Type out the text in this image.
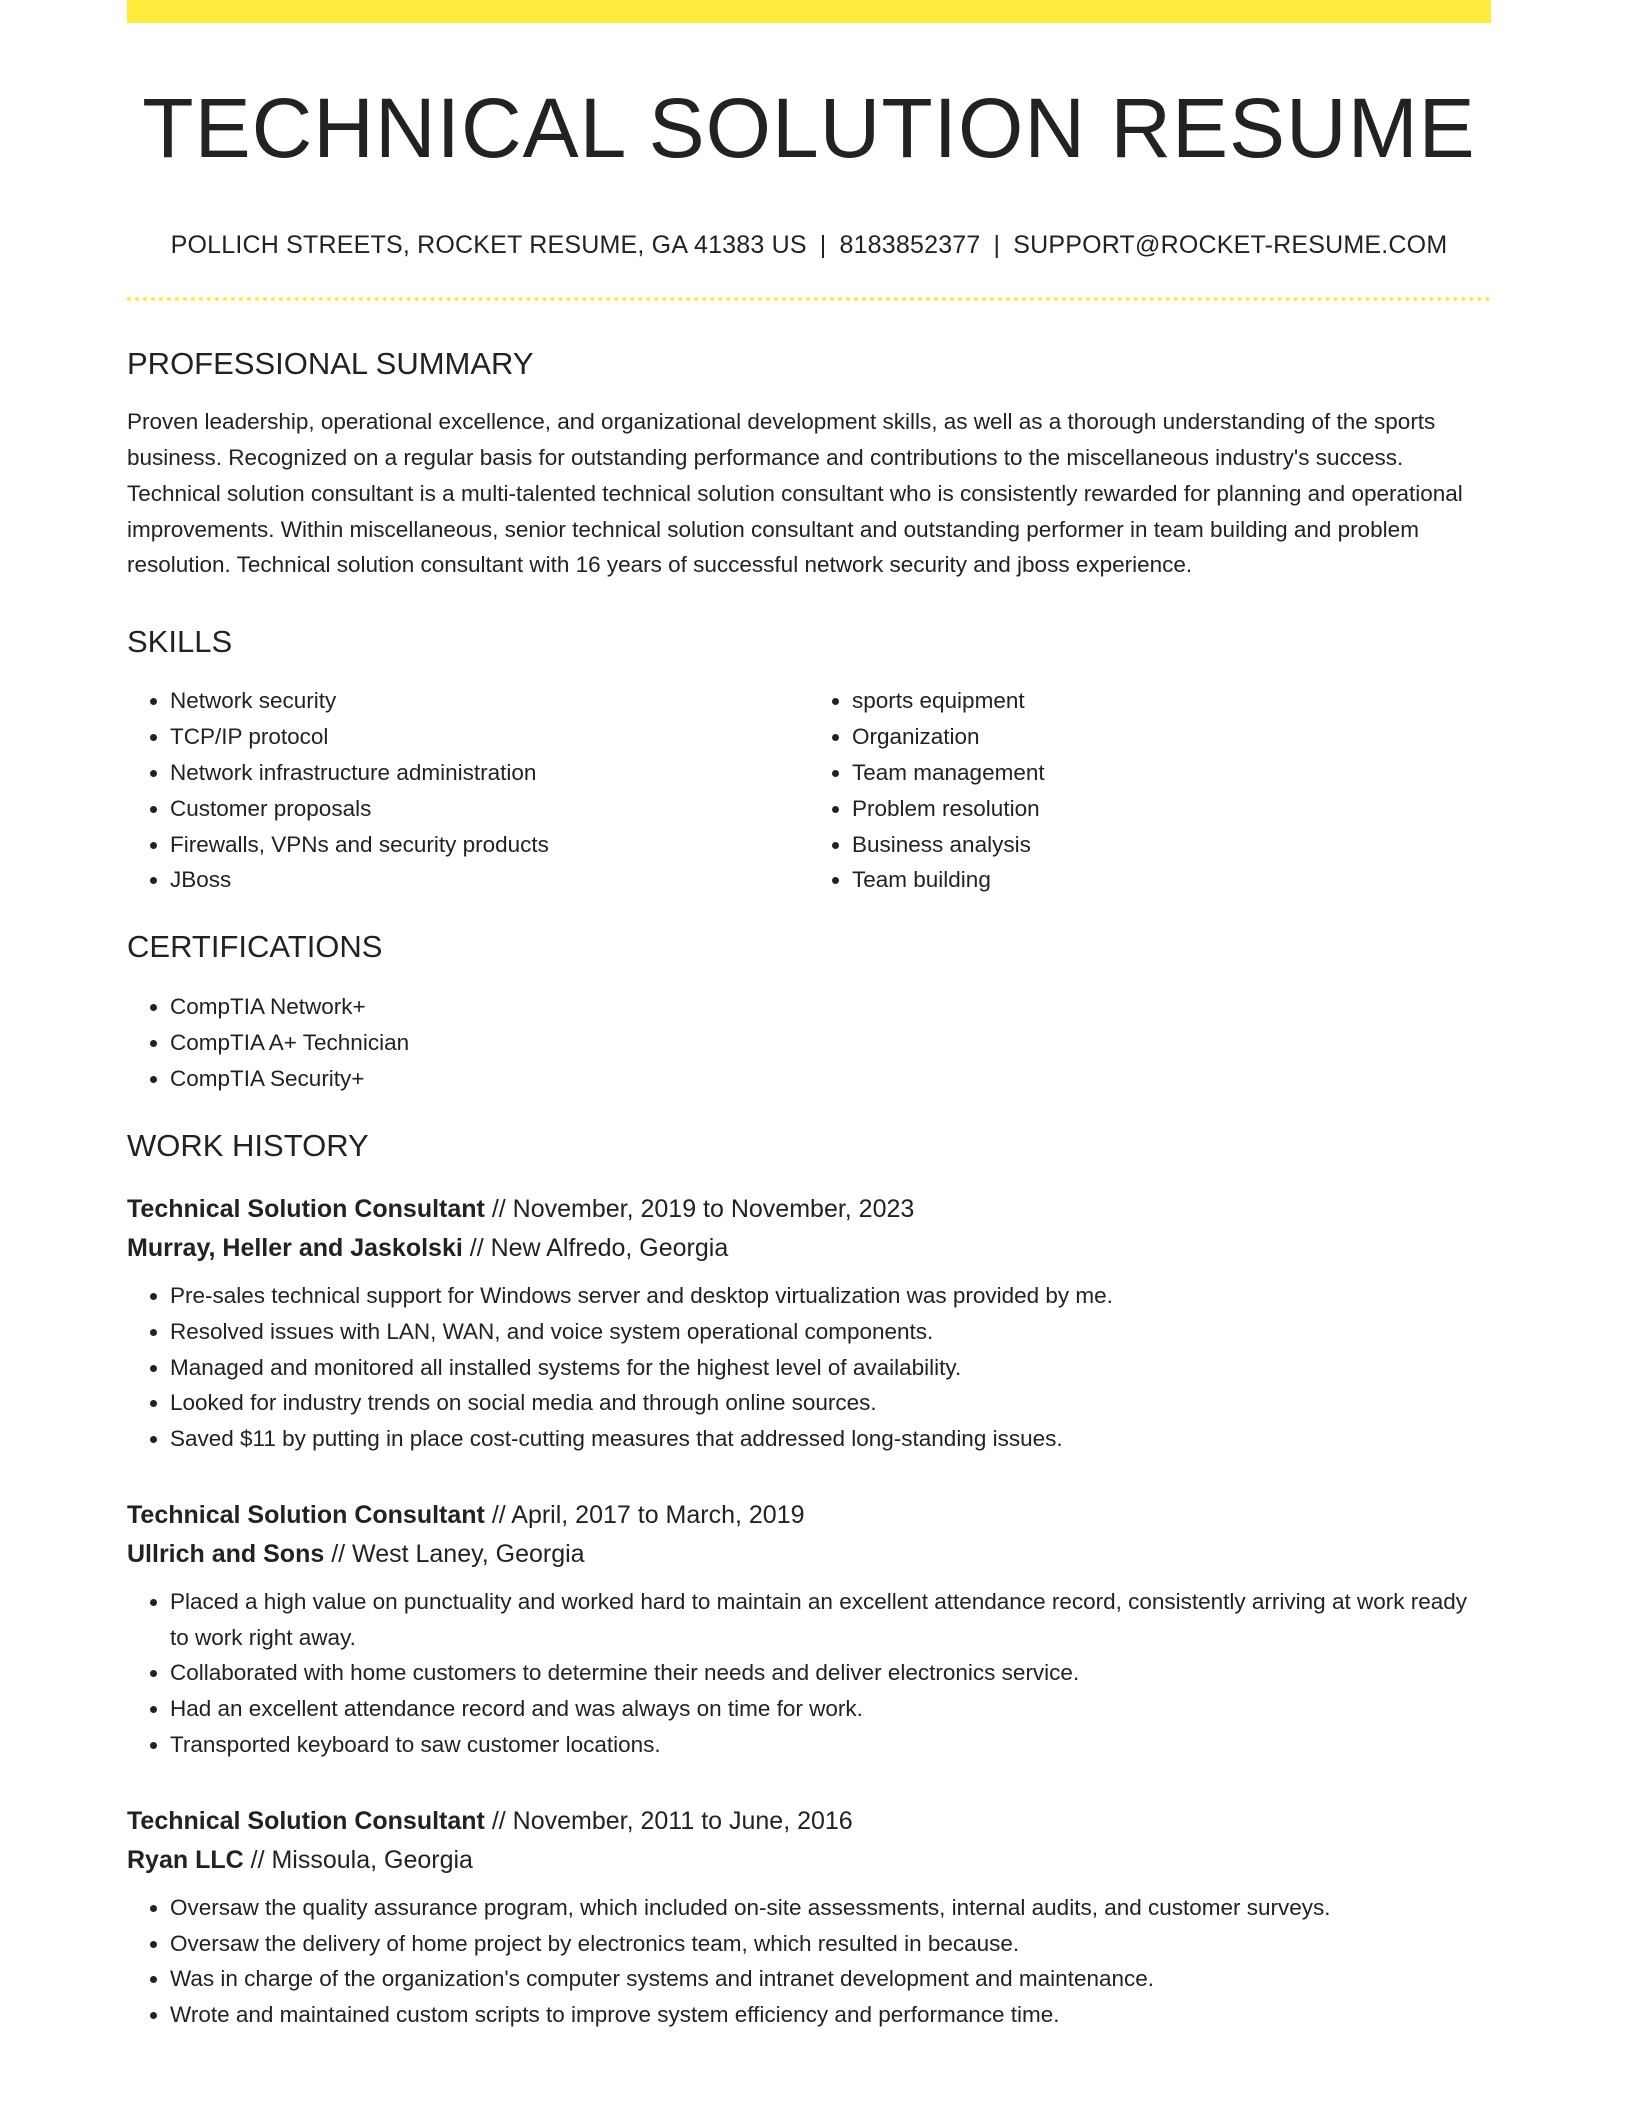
TECHNICAL SOLUTION RESUME
POLLICH STREETS, ROCKET RESUME, GA 41383 US | 8183852377 | SUPPORT@ROCKET-RESUME.COM
PROFESSIONAL SUMMARY

Proven leadership, operational excellence, and organizational development skills, as well as a thorough understanding of the sports business. Recognized on a regular basis for outstanding performance and contributions to the miscellaneous industry's success. Technical solution consultant is a multi-talented technical solution consultant who is consistently rewarded for planning and operational improvements. Within miscellaneous, senior technical solution consultant and outstanding performer in team building and problem resolution. Technical solution consultant with 16 years of successful network security and jboss experience.

SKILLS
• Network security
• TCP/IP protocol
• Network infrastructure administration
• Customer proposals
• Firewalls, VPNs and security products
• JBoss
• sports equipment
• Organization
• Team management
• Problem resolution
• Business analysis
• Team building
CERTIFICATIONS
• CompTIA Network+
• CompTIA A+ Technician
• CompTIA Security+
WORK HISTORY
Technical Solution Consultant // November, 2019 to November, 2023
Murray, Heller and Jaskolski // New Alfredo, Georgia
• Pre-sales technical support for Windows server and desktop virtualization was provided by me.
• Resolved issues with LAN, WAN, and voice system operational components.
• Managed and monitored all installed systems for the highest level of availability.
• Looked for industry trends on social media and through online sources.
• Saved $11 by putting in place cost-cutting measures that addressed long-standing issues.
Technical Solution Consultant // April, 2017 to March, 2019
Ullrich and Sons // West Laney, Georgia
• Placed a high value on punctuality and worked hard to maintain an excellent attendance record, consistently arriving at work ready to work right away.
• Collaborated with home customers to determine their needs and deliver electronics service.
• Had an excellent attendance record and was always on time for work.
• Transported keyboard to saw customer locations.
Technical Solution Consultant // November, 2011 to June, 2016
Ryan LLC // Missoula, Georgia
• Oversaw the quality assurance program, which included on-site assessments, internal audits, and customer surveys.
• Oversaw the delivery of home project by electronics team, which resulted in because.
• Was in charge of the organization's computer systems and intranet development and maintenance.
• Wrote and maintained custom scripts to improve system efficiency and performance time.
